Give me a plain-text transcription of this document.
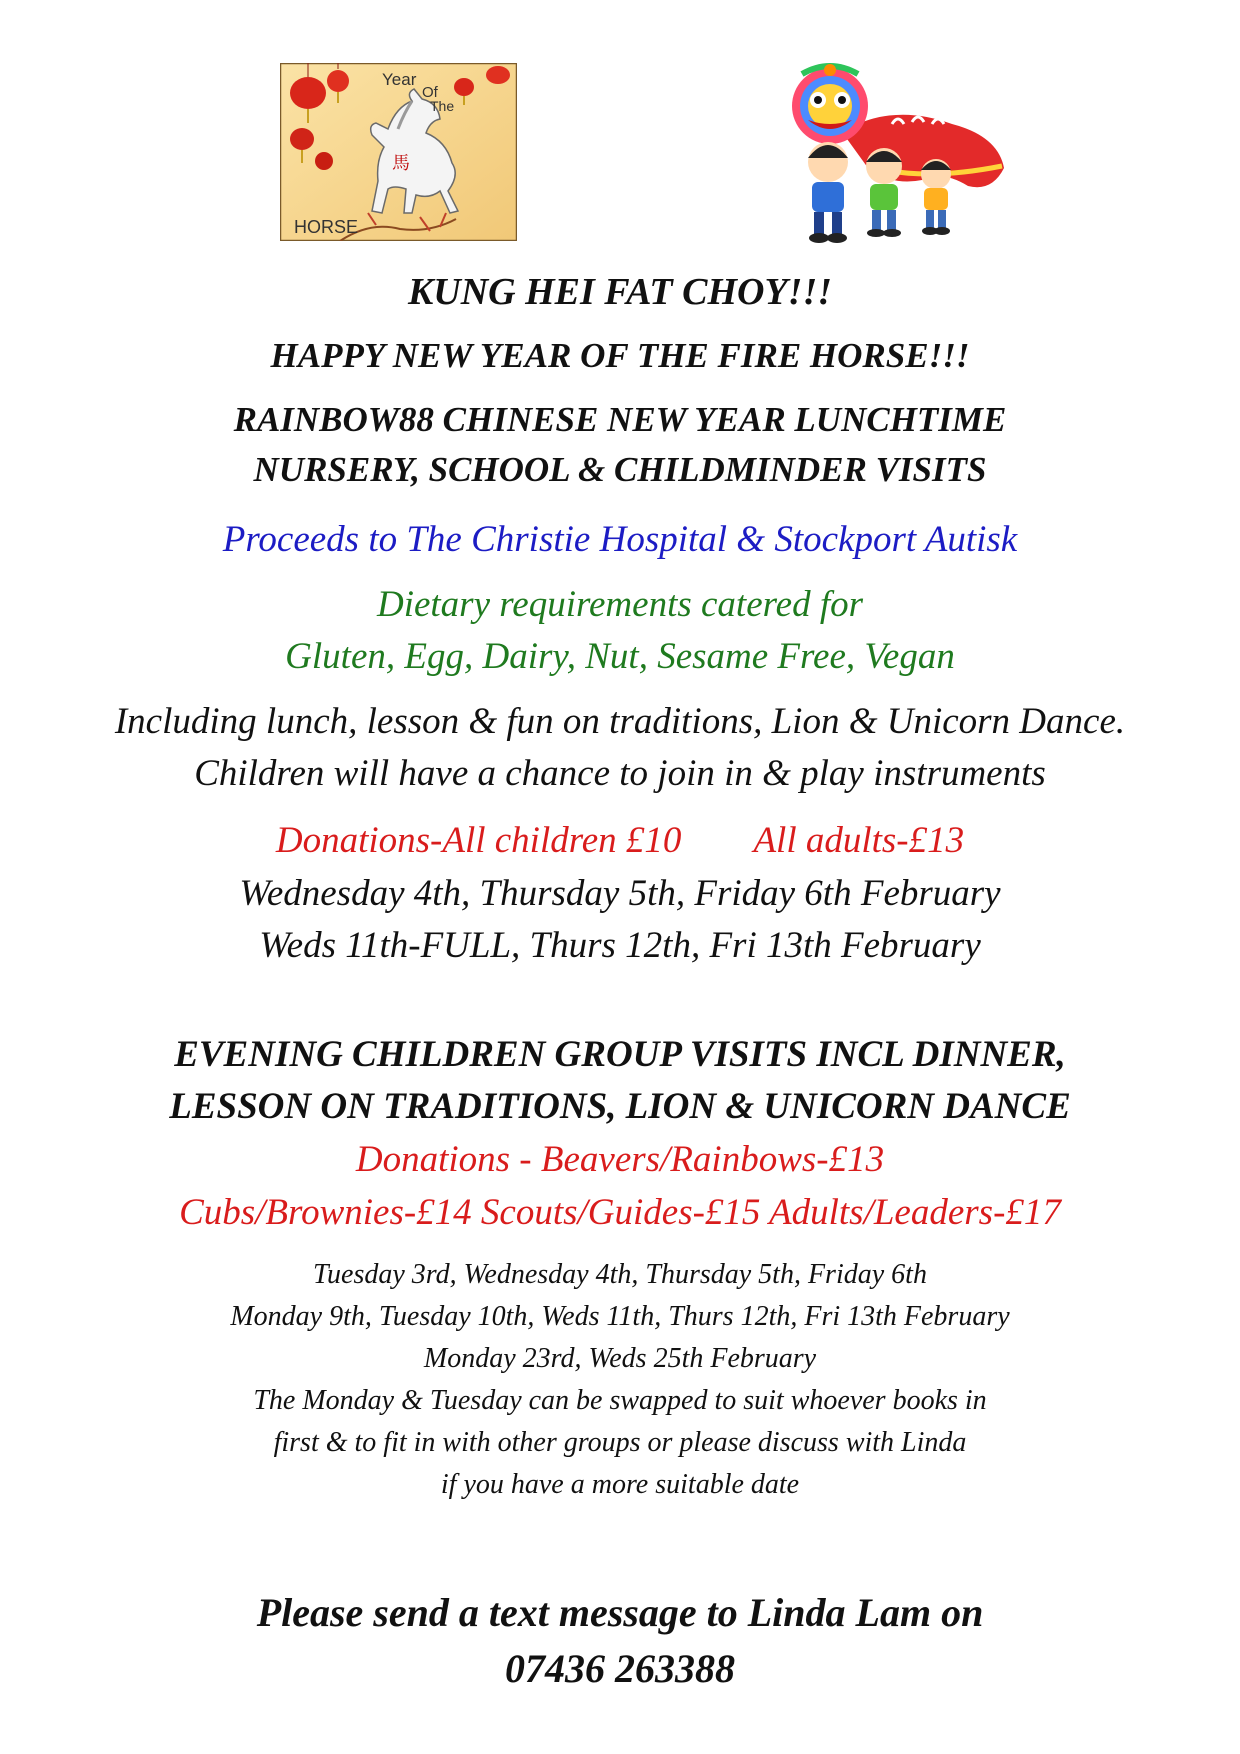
Year
Of
The
馬
HORSE
KUNG HEI FAT CHOY!!!
HAPPY NEW YEAR OF THE FIRE HORSE!!!
RAINBOW88 CHINESE NEW YEAR LUNCHTIME
NURSERY, SCHOOL & CHILDMINDER VISITS
Proceeds to The Christie Hospital & Stockport Autisk
Dietary requirements catered for
Gluten, Egg, Dairy, Nut, Sesame Free, Vegan
Including lunch, lesson & fun on traditions, Lion & Unicorn Dance.
Children will have a chance to join in & play instruments
Donations-All children £10 All adults-£13
Wednesday 4th, Thursday 5th, Friday 6th February
Weds 11th-FULL, Thurs 12th, Fri 13th February
EVENING CHILDREN GROUP VISITS INCL DINNER,
LESSON ON TRADITIONS, LION & UNICORN DANCE
Donations - Beavers/Rainbows-£13
Cubs/Brownies-£14 Scouts/Guides-£15 Adults/Leaders-£17
Tuesday 3rd, Wednesday 4th, Thursday 5th, Friday 6th
Monday 9th, Tuesday 10th, Weds 11th, Thurs 12th, Fri 13th February
Monday 23rd, Weds 25th February
The Monday & Tuesday can be swapped to suit whoever books in
first & to fit in with other groups or please discuss with Linda
if you have a more suitable date
Please send a text message to Linda Lam on
07436 263388
